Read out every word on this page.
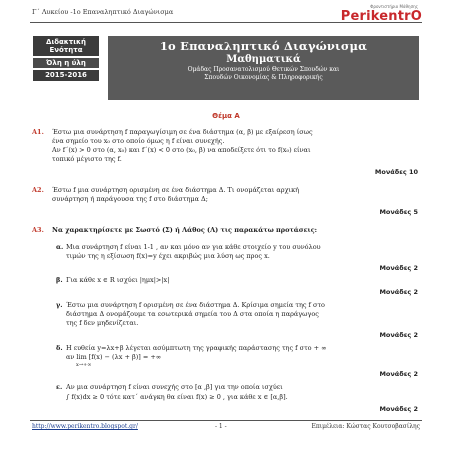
Γ΄ Λυκείου -1ο Επαναληπτικό Διαγώνισμα
Φροντιστήριο Μάθησης
PerikentrO
Διδακτική
Ενότητα
Όλη η ύλη
2015-2016
1ο Επαναληπτικό Διαγώνισμα
Μαθηματικά
Ομάδας Προσανατολισμού Θετικών Σπουδών και
Σπουδών Οικονομίας & Πληροφορικής
Θέμα Α
Α1. Έστω μια συνάρτηση f παραγωγίσιμη σε ένα διάστημα (α, β) με εξαίρεση ίσως
ένα σημείο του x₀ στο οποίο όμως η f είναι συνεχής.
Αν f΄(x) > 0 στο (α, x₀) και f΄(x) < 0 στο (x₀, β) να αποδείξετε ότι το f(x₀) είναι
τοπικό μέγιστο της f.
Μονάδες 10
Α2. Έστω f μια συνάρτηση ορισμένη σε ένα διάστημα Δ. Τι ονομάζεται αρχική
συνάρτηση ή παράγουσα της f στο διάστημα Δ;
Μονάδες 5
Α3. Να χαρακτηρίσετε με Σωστό (Σ) ή Λάθος (Λ) τις παρακάτω προτάσεις:
α. Μια συνάρτηση f είναι 1-1 , αν και μόνο αν για κάθε στοιχείο y του συνόλου
τιμών της η εξίσωση f(x)=y έχει ακριβώς μια λύση ως προς x.
Μονάδες 2
β. Για κάθε x ∈ R ισχύει |ημx|>|x|
Μονάδες 2
γ. Έστω μια συνάρτηση f ορισμένη σε ένα διάστημα Δ. Κρίσιμα σημεία της f στο
διάστημα Δ ονομάζουμε τα εσωτερικά σημεία του Δ στα οποία η παράγωγος
της f δεν μηδενίζεται.
Μονάδες 2
δ. Η ευθεία y=λx+β λέγεται ασύμπτωτη της γραφικής παράστασης της f στο + ∞
αν lim [f(x) − (λx + β)] = +∞
x→+∞
Μονάδες 2
ε. Αν μια συνάρτηση f είναι συνεχής στο [α ,β] για την οποία ισχύει
∫ f(x)dx ≥ 0 τότε κατ΄ ανάγκη θα είναι f(x) ≥ 0 , για κάθε x ∈ [α,β].
Μονάδες 2
http://www.perikentro.blogspot.gr/	- 1 -	Επιμέλεια: Κώστας Κουτσοβασίλης
